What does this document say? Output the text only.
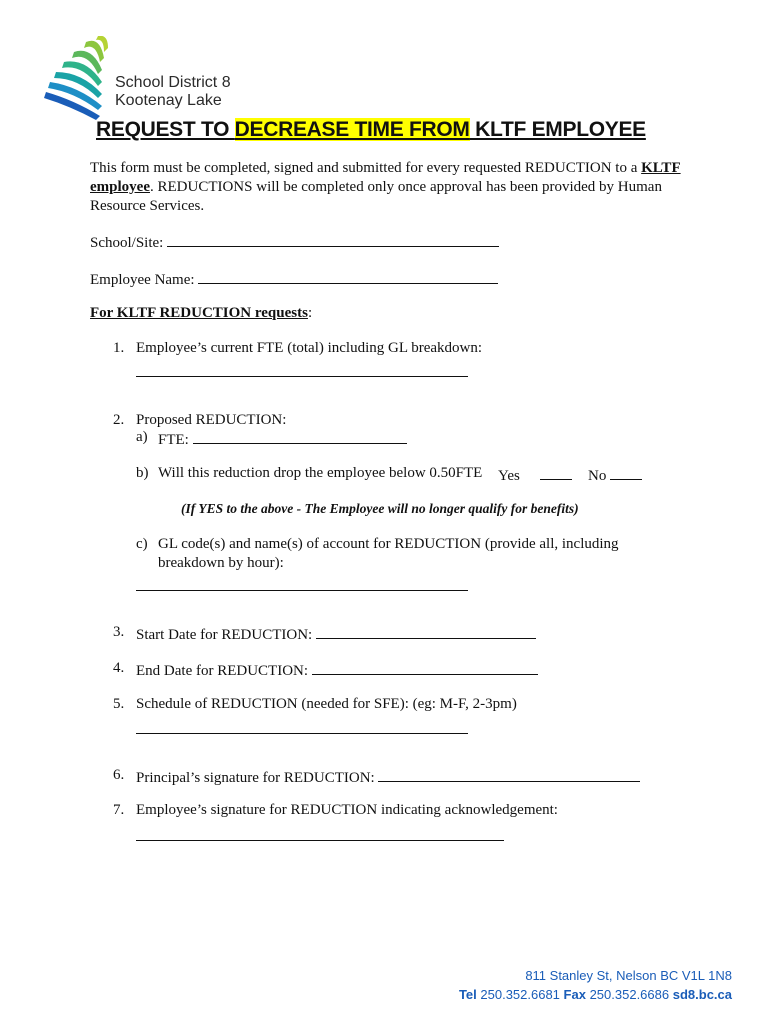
School District 8
Kootenay Lake
REQUEST TO DECREASE TIME FROM KLTF EMPLOYEE
This form must be completed, signed and submitted for every requested REDUCTION to a KLTF employee. REDUCTIONS will be completed only once approval has been provided by Human Resource Services.
School/Site:
Employee Name:
For KLTF REDUCTION requests:
1. Employee’s current FTE (total) including GL breakdown:
2. Proposed REDUCTION:
a) FTE:
b) Will this reduction drop the employee below 0.50FTE Yes	No
(If YES to the above - The Employee will no longer qualify for benefits)
c) GL code(s) and name(s) of account for REDUCTION (provide all, including
breakdown by hour):
3. Start Date for REDUCTION:
4. End Date for REDUCTION:
5. Schedule of REDUCTION (needed for SFE): (eg: M-F, 2-3pm)
6. Principal’s signature for REDUCTION:
7. Employee’s signature for REDUCTION indicating acknowledgement:
811 Stanley St, Nelson BC V1L 1N8
Tel 250.352.6681 Fax 250.352.6686 sd8.bc.ca
